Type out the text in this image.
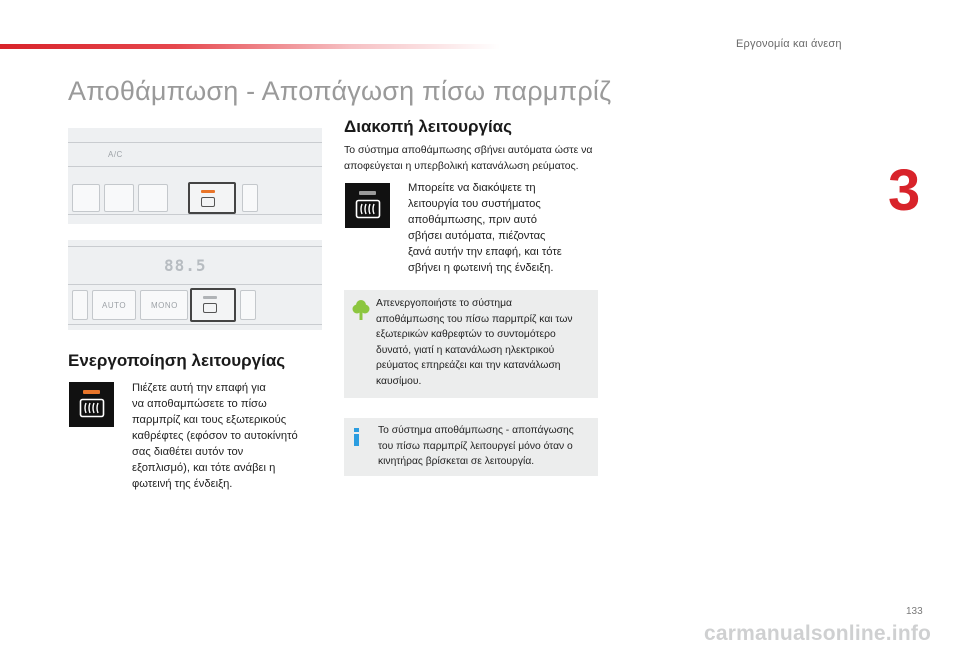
Εργονομία και άνεση
3
Αποθάμπωση - Αποπάγωση πίσω παρμπρίζ
A/C
88.5
AUTO	MONO
Ενεργοποίηση λειτουργίας
Πιέζετε αυτή την επαφή για
να αποθαμπώσετε το πίσω
παρμπρίζ και τους εξωτερικούς
καθρέφτες (εφόσον το αυτοκίνητό
σας διαθέτει αυτόν τον
εξοπλισμό), και τότε ανάβει η
φωτεινή της ένδειξη.
Διακοπή λειτουργίας
Το σύστημα αποθάμπωσης σβήνει αυτόματα ώστε να
αποφεύγεται η υπερβολική κατανάλωση ρεύματος.
Μπορείτε να διακόψετε τη
λειτουργία του συστήματος
αποθάμπωσης, πριν αυτό
σβήσει αυτόματα, πιέζοντας
ξανά αυτήν την επαφή, και τότε
σβήνει η φωτεινή της ένδειξη.
Απενεργοποιήστε το σύστημα
αποθάμπωσης του πίσω παρμπρίζ και των
εξωτερικών καθρεφτών το συντομότερο
δυνατό, γιατί η κατανάλωση ηλεκτρικού
ρεύματος επηρεάζει και την κατανάλωση
καυσίμου.
Το σύστημα αποθάμπωσης - αποπάγωσης
του πίσω παρμπρίζ λειτουργεί μόνο όταν ο
κινητήρας βρίσκεται σε λειτουργία.
133
carmanualsonline.info
